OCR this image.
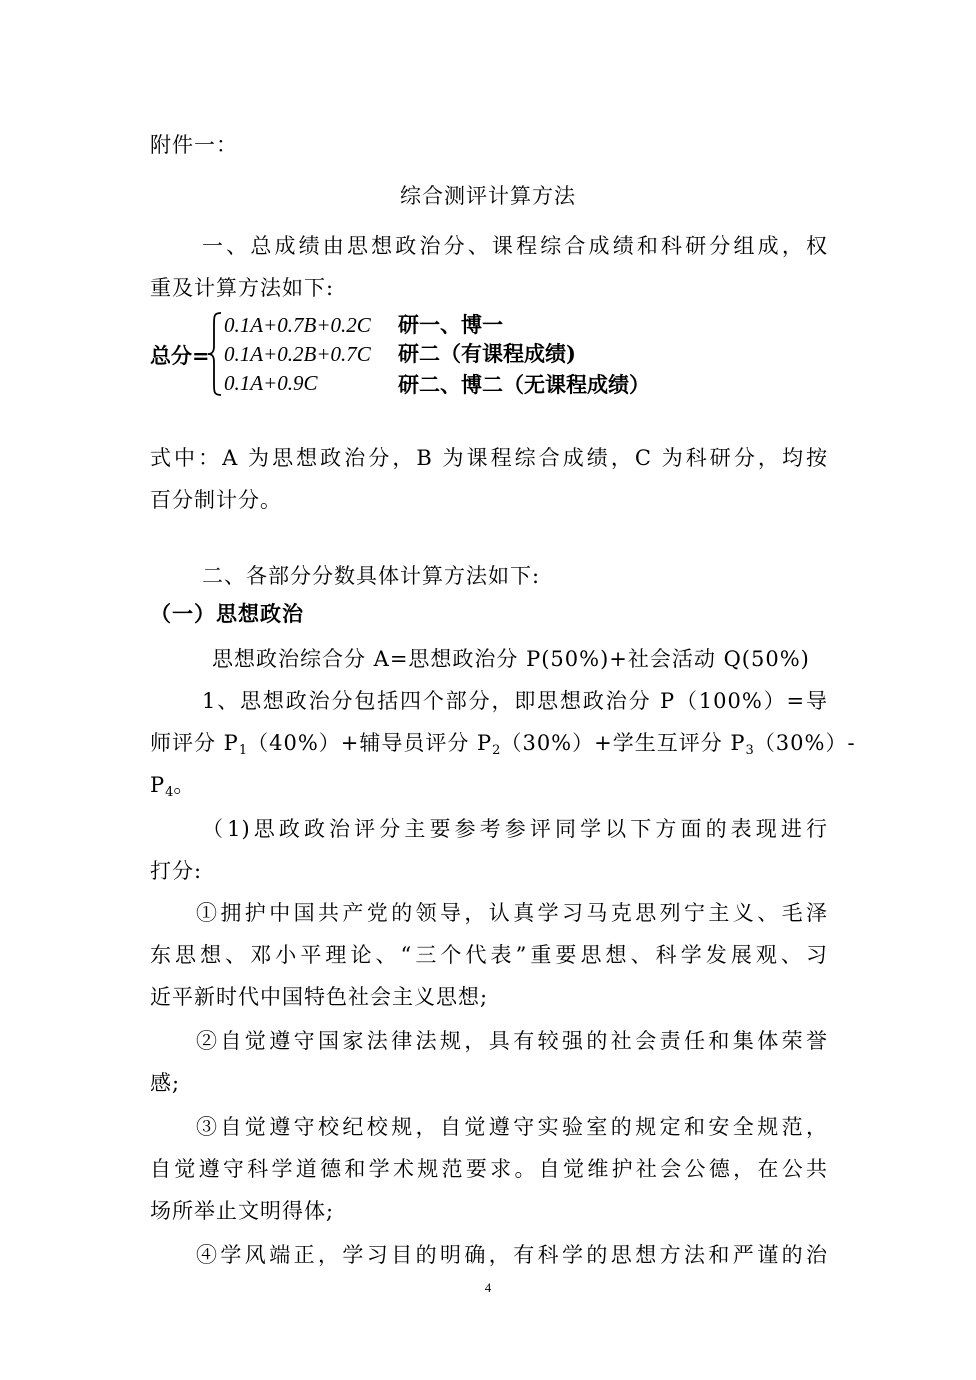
附件一：
综合测评计算方法
一、总成绩由思想政治分、课程综合成绩和科研分组成，权
重及计算方法如下:
总分=
0.1A+0.7B+0.2C 研一、博一
0.1A+0.2B+0.7C 研二（有课程成绩)
0.1A+0.9C	研二、博二（无课程成绩）
式中：A 为思想政治分，B 为课程综合成绩，C 为科研分，均按
百分制计分。
二、各部分分数具体计算方法如下:
（一）思想政治
思想政治综合分 A=思想政治分 P(50%)+社会活动 Q(50%)
1、思想政治分包括四个部分，即思想政治分 P（100%）=导
师评分 $P_1(40\%)+$辅导员评分 $P_2(30\%)+$学生互评分 $P_3(30\%)-$
$P_4$。
（1)思政政治评分主要参考参评同学以下方面的表现进行
打分:
①拥护中国共产党的领导，认真学习马克思列宁主义、毛泽
东思想、邓小平理论、“三个代表”重要思想、科学发展观、习
近平新时代中国特色社会主义思想;
②自觉遵守国家法律法规，具有较强的社会责任和集体荣誉
感;
③自觉遵守校纪校规，自觉遵守实验室的规定和安全规范，
自觉遵守科学道德和学术规范要求。自觉维护社会公德，在公共
场所举止文明得体;
④学风端正，学习目的明确，有科学的思想方法和严谨的治
4
